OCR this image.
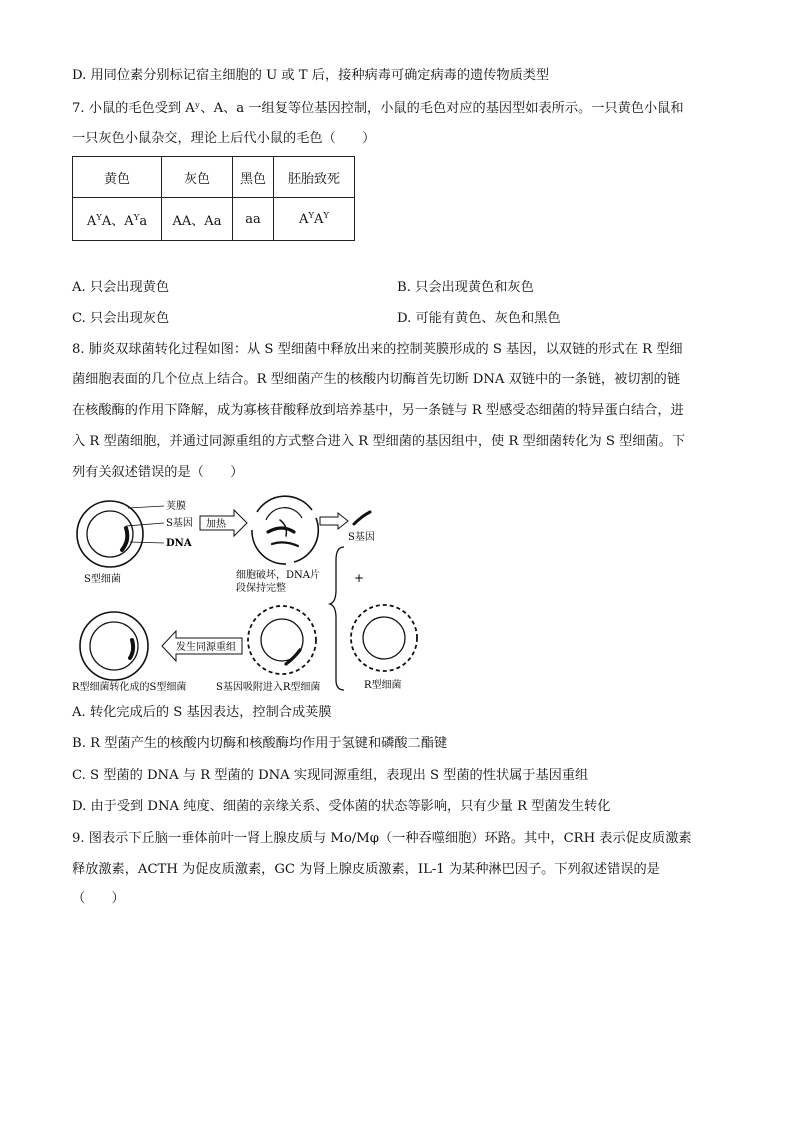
D. 用同位素分别标记宿主细胞的 U 或 T 后，接种病毒可确定病毒的遗传物质类型
7. 小鼠的毛色受到 Aʸ、A、a 一组复等位基因控制，小鼠的毛色对应的基因型如表所示。一只黄色小鼠和
一只灰色小鼠杂交，理论上后代小鼠的毛色（　　）
黄色	灰色	黑色	胚胎致死
$A^YA$、$A^Ya$	AA、Aa	aa	$A^YA^Y$
A. 只会出现黄色	B. 只会出现黄色和灰色
C. 只会出现灰色	D. 可能有黄色、灰色和黑色
8. 肺炎双球菌转化过程如图：从 S 型细菌中释放出来的控制荚膜形成的 S 基因，以双链的形式在 R 型细
菌细胞表面的几个位点上结合。R 型细菌产生的核酸内切酶首先切断 DNA 双链中的一条链，被切割的链
在核酸酶的作用下降解，成为寡核苷酸释放到培养基中，另一条链与 R 型感受态细菌的特异蛋白结合，进
入 R 型菌细胞，并通过同源重组的方式整合进入 R 型细菌的基因组中，使 R 型细菌转化为 S 型细菌。下
列有关叙述错误的是（　　）
荚膜
S基因
DNA
S型细菌
加热
细胞破坏，DNA片
段保持完整
S基因
+
R型细菌
S基因吸附进入R型细菌
发生同源重组
R型细菌转化成的S型细菌
A. 转化完成后的 S 基因表达，控制合成荚膜
B. R 型菌产生的核酸内切酶和核酸酶均作用于氢键和磷酸二酯键
C. S 型菌的 DNA 与 R 型菌的 DNA 实现同源重组，表现出 S 型菌的性状属于基因重组
D. 由于受到 DNA 纯度、细菌的亲缘关系、受体菌的状态等影响，只有少量 R 型菌发生转化
9. 图表示下丘脑一垂体前叶一肾上腺皮质与 Mo/Mφ（一种吞噬细胞）环路。其中，CRH 表示促皮质激素
释放激素，ACTH 为促皮质激素，GC 为肾上腺皮质激素，IL-1 为某种淋巴因子。下列叙述错误的是
（　　）
